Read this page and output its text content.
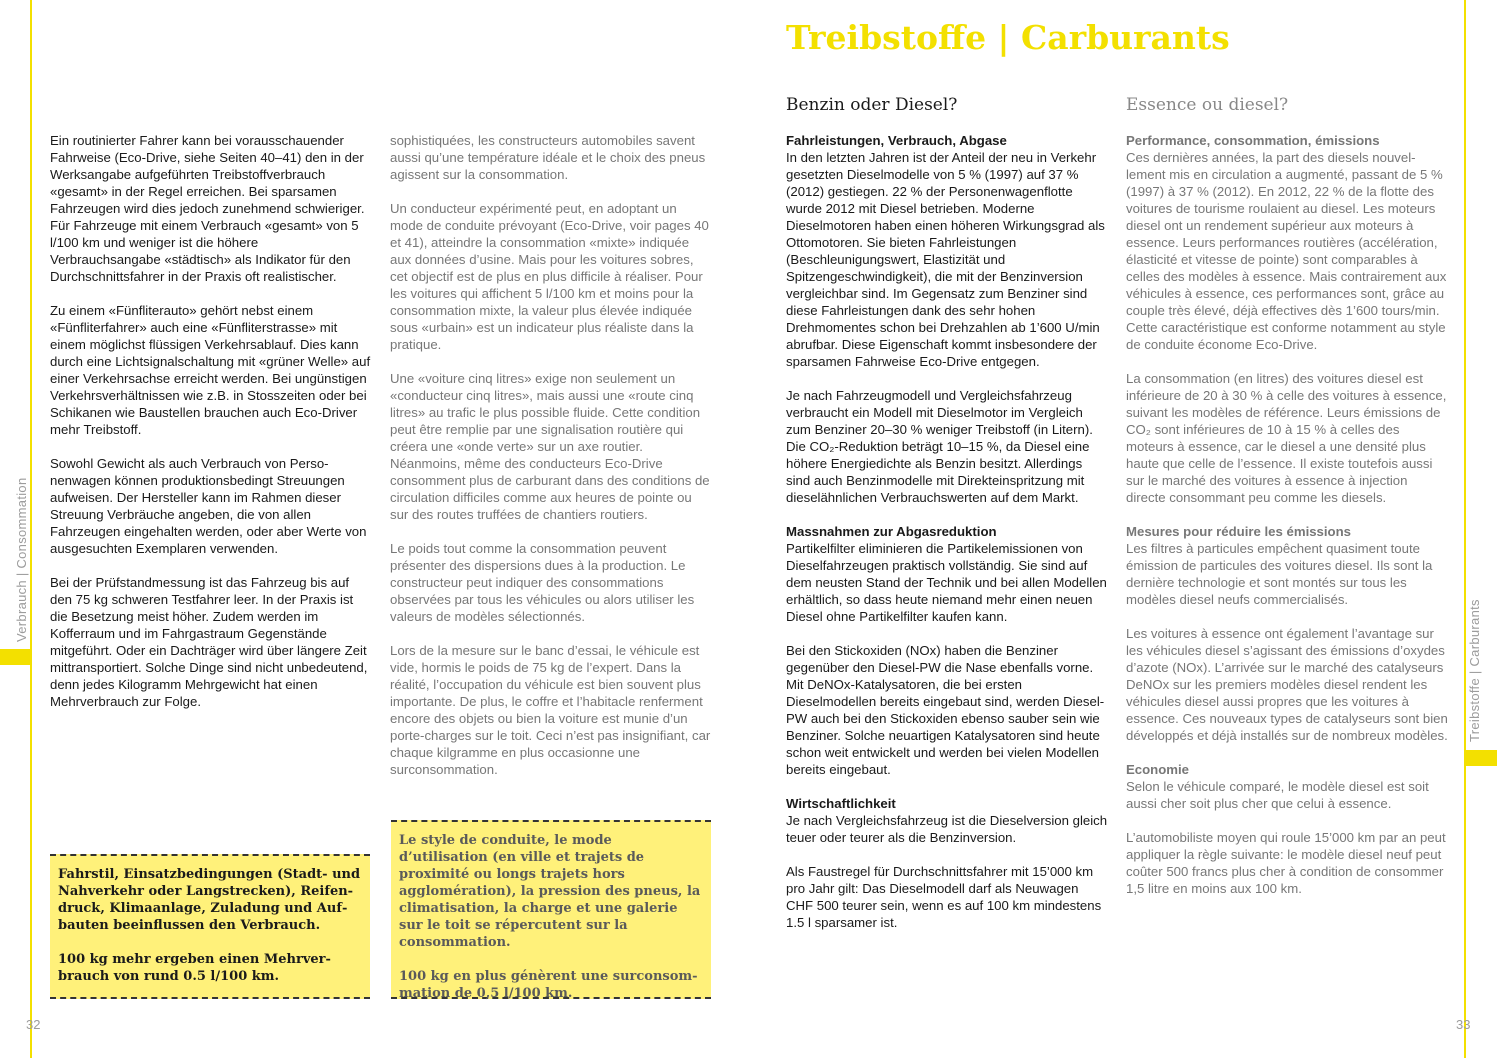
Verbrauch | Consommation

Ein routinierter Fahrer kann bei vorausschauender Fahrweise (Eco-Drive, siehe Seiten 40–41) den in der Werksangabe aufgeführten Treibstoffverbrauch «gesamt» in der Regel erreichen. Bei sparsamen Fahrzeugen wird dies jedoch zunehmend schwieriger. Für Fahrzeuge mit einem Verbrauch «gesamt» von 5 l/100 km und weniger ist die höhere Verbrauchsangabe «städtisch» als Indikator für den Durchschnittsfahrer in der Praxis oft realistischer.

Zu einem «Fünfliterauto» gehört nebst einem «Fünfliterfahrer» auch eine «Fünfliterstrasse» mit einem möglichst flüssigen Verkehrsablauf. Dies kann durch eine Lichtsignalschaltung mit «grüner Welle» auf einer Verkehrsachse erreicht werden. Bei ungünstigen Verkehrsverhältnissen wie z.B. in Stosszeiten oder bei Schikanen wie Baustellen brauchen auch Eco-Driver mehr Treibstoff.

Sowohl Gewicht als auch Verbrauch von Personenwagen können produktionsbedingt Streuungen aufweisen. Der Hersteller kann im Rahmen dieser Streuung Verbräuche angeben, die von allen Fahrzeugen eingehalten werden, oder aber Werte von ausgesuchten Exemplaren verwenden.

Bei der Prüfstandmessung ist das Fahrzeug bis auf den 75 kg schweren Testfahrer leer. In der Praxis ist die Besetzung meist höher. Zudem werden im Kofferraum und im Fahrgastraum Gegenstände mitgeführt. Oder ein Dachträger wird über längere Zeit mittransportiert. Solche Dinge sind nicht unbedeutend, denn jedes Kilogramm Mehrgewicht hat einen Mehrverbrauch zur Folge.

sophistiquées, les constructeurs automobiles savent aussi qu’une température idéale et le choix des pneus agissent sur la consommation.

Un conducteur expérimenté peut, en adoptant un mode de conduite prévoyant (Eco-Drive, voir pages 40 et 41), atteindre la consommation «mixte» indiquée aux données d’usine. Mais pour les voitures sobres, cet objectif est de plus en plus difficile à réaliser. Pour les voitures qui affichent 5 l/100 km et moins pour la consommation mixte, la valeur plus élevée indiquée sous «urbain» est un indicateur plus réaliste dans la pratique.

Une «voiture cinq litres» exige non seulement un «conducteur cinq litres», mais aussi une «route cinq litres» au trafic le plus possible fluide. Cette condition peut être remplie par une signalisation routière qui créera une «onde verte» sur un axe routier. Néanmoins, même des conducteurs Eco-Drive consomment plus de carburant dans des conditions de circulation difficiles comme aux heures de pointe ou sur des routes truffées de chantiers routiers.

Le poids tout comme la consommation peuvent présenter des dispersions dues à la production. Le constructeur peut indiquer des consommations observées par tous les véhicules ou alors utiliser les valeurs de modèles sélectionnés.

Lors de la mesure sur le banc d’essai, le véhicule est vide, hormis le poids de 75 kg de l’expert. Dans la réalité, l’occupation du véhicule est bien souvent plus importante. De plus, le coffre et l’habitacle renferment encore des objets ou bien la voiture est munie d’un porte-charges sur le toit. Ceci n’est pas insignifiant, car chaque kilgramme en plus occasionne une surconsommation.

Fahrstil, Einsatzbedingungen (Stadt- und Nahverkehr oder Langstrecken), Reifendruck, Klimaanlage, Zuladung und Aufbauten beeinflussen den Verbrauch.

100 kg mehr ergeben einen Mehrverbrauch von rund 0.5 l/100 km.

Le style de conduite, le mode d’utilisation (en ville et trajets de proximité ou longs trajets hors agglomération), la pression des pneus, la climatisation, la charge et une galerie sur le toit se répercutent sur la consommation.

100 kg en plus génèrent une surconsommation de 0,5 l/100 km.

32
Treibstoffe | Carburants
Treibstoffe | Carburants
Benzin oder Diesel?	Essence ou diesel?
Fahrleistungen, Verbrauch, Abgase

In den letzten Jahren ist der Anteil der neu in Verkehr gesetzten Dieselmodelle von 5 % (1997) auf 37 % (2012) gestiegen. 22 % der Personenwagenflotte wurde 2012 mit Diesel betrieben. Moderne Dieselmotoren haben einen höheren Wirkungsgrad als Ottomotoren. Sie bieten Fahrleistungen (Beschleunigungswert, Elastizität und Spitzengeschwindigkeit), die mit der Benzinversion vergleichbar sind. Im Gegensatz zum Benziner sind diese Fahrleistungen dank des sehr hohen Drehmomentes schon bei Drehzahlen ab 1’600 U/min abrufbar. Diese Eigenschaft kommt insbesondere der sparsamen Fahrweise Eco-Drive entgegen.

Je nach Fahrzeugmodell und Vergleichsfahrzeug verbraucht ein Modell mit Dieselmotor im Vergleich zum Benziner 20–30 % weniger Treibstoff (in Litern). Die CO₂-Reduktion beträgt 10–15 %, da Diesel eine höhere Energiedichte als Benzin besitzt. Allerdings sind auch Benzinmodelle mit Direkteinspritzung mit dieselähnlichen Verbrauchswerten auf dem Markt.

Massnahmen zur Abgasreduktion

Partikelfilter eliminieren die Partikelemissionen von Dieselfahrzeugen praktisch vollständig. Sie sind auf dem neusten Stand der Technik und bei allen Modellen erhältlich, so dass heute niemand mehr einen neuen Diesel ohne Partikelfilter kaufen kann.

Bei den Stickoxiden (NOx) haben die Benziner gegenüber den Diesel-PW die Nase ebenfalls vorne. Mit DeNOx-Katalysatoren, die bei ersten Dieselmodellen bereits eingebaut sind, werden Diesel-PW auch bei den Stickoxiden ebenso sauber sein wie Benziner. Solche neuartigen Katalysatoren sind heute schon weit entwickelt und werden bei vielen Modellen bereits eingebaut.

Wirtschaftlichkeit

Je nach Vergleichsfahrzeug ist die Dieselversion gleich teuer oder teurer als die Benzinversion.

Als Faustregel für Durchschnittsfahrer mit 15’000 km pro Jahr gilt: Das Dieselmodell darf als Neuwagen CHF 500 teurer sein, wenn es auf 100 km mindestens 1.5 l sparsamer ist.

Performance, consommation, émissions

Ces dernières années, la part des diesels nouvellement mis en circulation a augmenté, passant de 5 % (1997) à 37 % (2012). En 2012, 22 % de la flotte des voitures de tourisme roulaient au diesel. Les moteurs diesel ont un rendement supérieur aux moteurs à essence. Leurs performances routières (accélération, élasticité et vitesse de pointe) sont comparables à celles des modèles à essence. Mais contrairement aux véhicules à essence, ces performances sont, grâce au couple très élevé, déjà effectives dès 1’600 tours/min. Cette caractéristique est conforme notamment au style de conduite économe Eco-Drive.

La consommation (en litres) des voitures diesel est inférieure de 20 à 30 % à celle des voitures à essence, suivant les modèles de référence. Leurs émissions de CO₂ sont inférieures de 10 à 15 % à celles des moteurs à essence, car le diesel a une densité plus haute que celle de l’essence. Il existe toutefois aussi sur le marché des voitures à essence à injection directe consommant peu comme les diesels.

Mesures pour réduire les émissions

Les filtres à particules empêchent quasiment toute émission de particules des voitures diesel. Ils sont la dernière technologie et sont montés sur tous les modèles diesel neufs commercialisés.

Les voitures à essence ont également l’avantage sur les véhicules diesel s’agissant des émissions d’oxydes d’azote (NOx). L’arrivée sur le marché des catalyseurs DeNOx sur les premiers modèles diesel rendent les véhicules diesel aussi propres que les voitures à essence. Ces nouveaux types de catalyseurs sont bien développés et déjà installés sur de nombreux modèles.

Economie

Selon le véhicule comparé, le modèle diesel est soit aussi cher soit plus cher que celui à essence.

L’automobiliste moyen qui roule 15’000 km par an peut appliquer la règle suivante: le modèle diesel neuf peut coûter 500 francs plus cher à condition de consommer 1,5 litre en moins aux 100 km.

33
